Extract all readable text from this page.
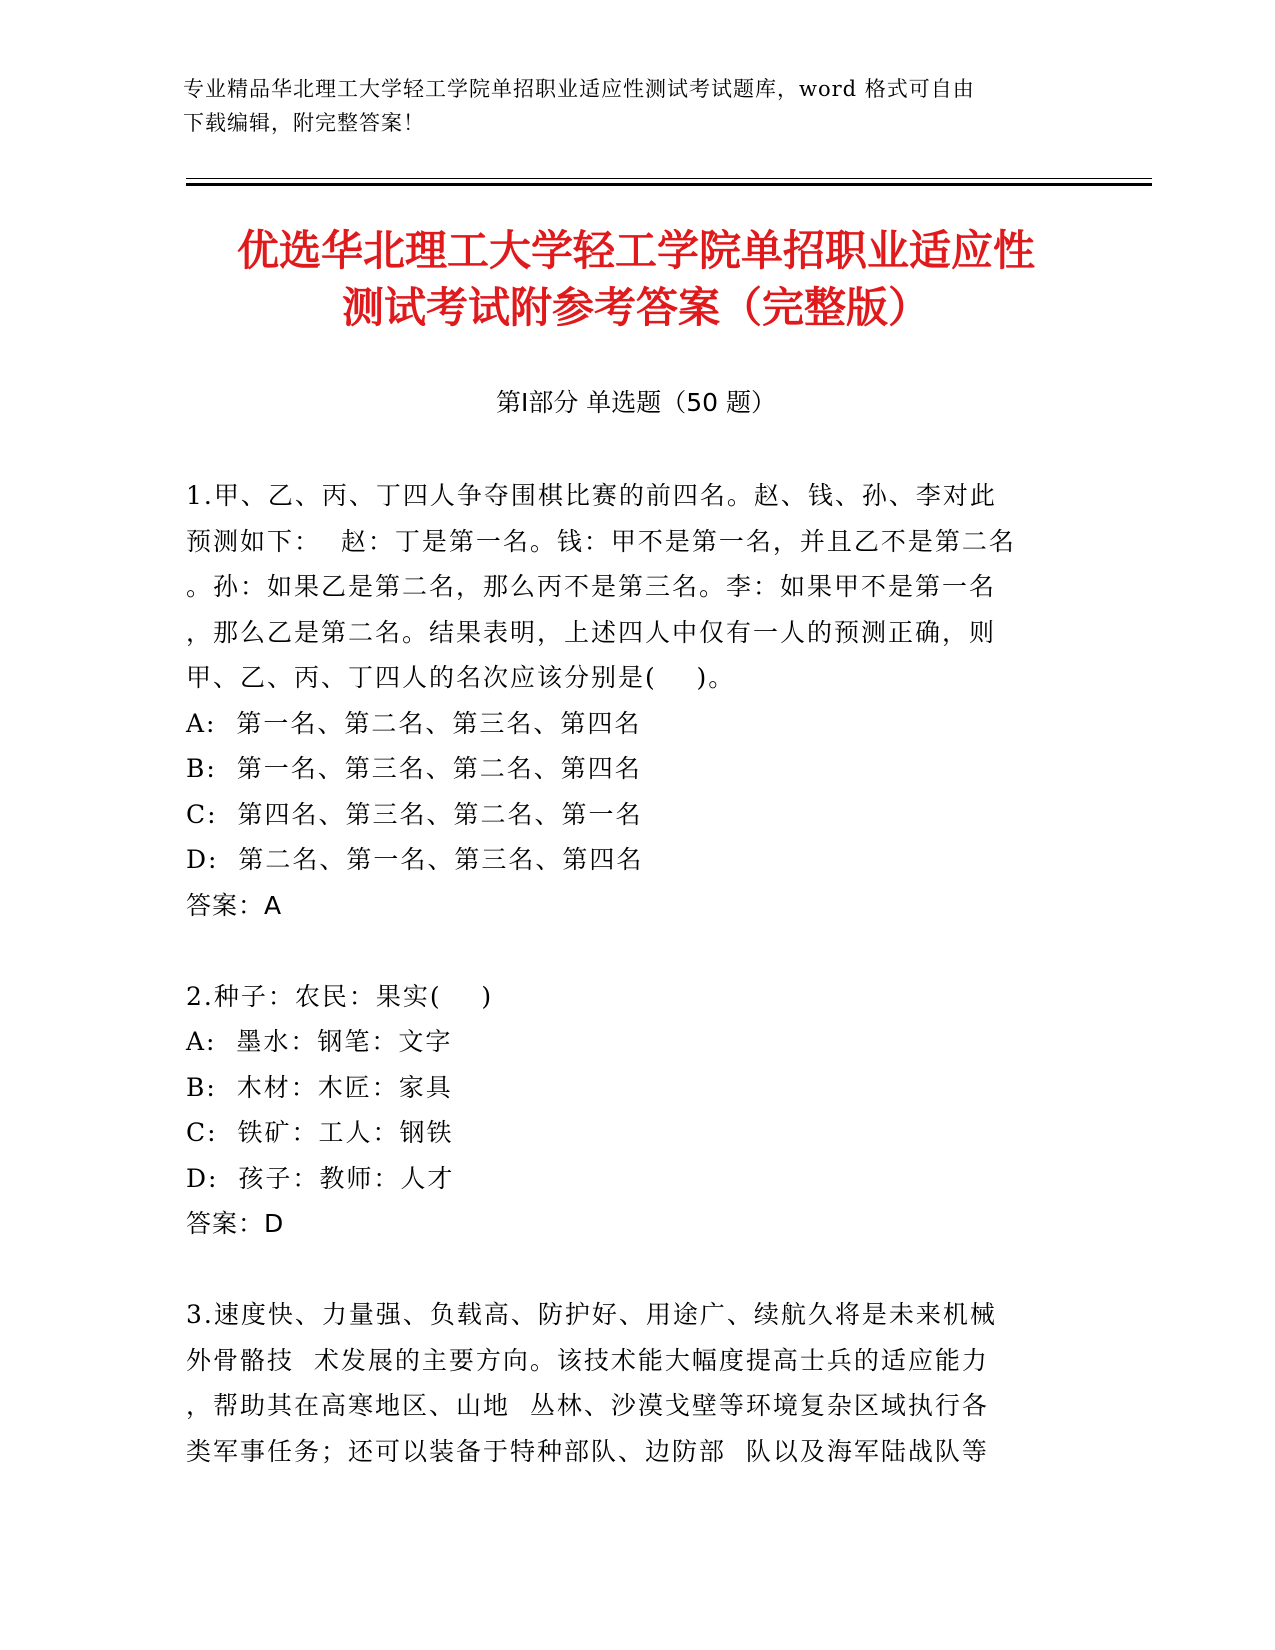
专业精品华北理工大学轻工学院单招职业适应性测试考试题库，word 格式可自由
下载编辑，附完整答案！
优选华北理工大学轻工学院单招职业适应性
测试考试附参考答案（完整版）
第Ⅰ部分 单选题（50 题）
1.甲、乙、丙、丁四人争夺围棋比赛的前四名。赵、钱、孙、李对此
预测如下：  赵：丁是第一名。钱：甲不是第一名，并且乙不是第二名
。孙：如果乙是第二名，那么丙不是第三名。李：如果甲不是第一名
，那么乙是第二名。结果表明，上述四人中仅有一人的预测正确，则
甲、乙、丙、丁四人的名次应该分别是(    )。
A:  第一名、第二名、第三名、第四名
B:  第一名、第三名、第二名、第四名
C:  第四名、第三名、第二名、第一名
D:  第二名、第一名、第三名、第四名
答案：A
2.种子：农民：果实(    )
A:  墨水：钢笔：文字
B:  木材：木匠：家具
C:  铁矿：工人：钢铁
D:  孩子：教师：人才
答案：D
3.速度快、力量强、负载高、防护好、用途广、续航久将是未来机械
外骨骼技  术发展的主要方向。该技术能大幅度提高士兵的适应能力
，帮助其在高寒地区、山地  丛林、沙漠戈壁等环境复杂区域执行各
类军事任务；还可以装备于特种部队、边防部  队以及海军陆战队等
